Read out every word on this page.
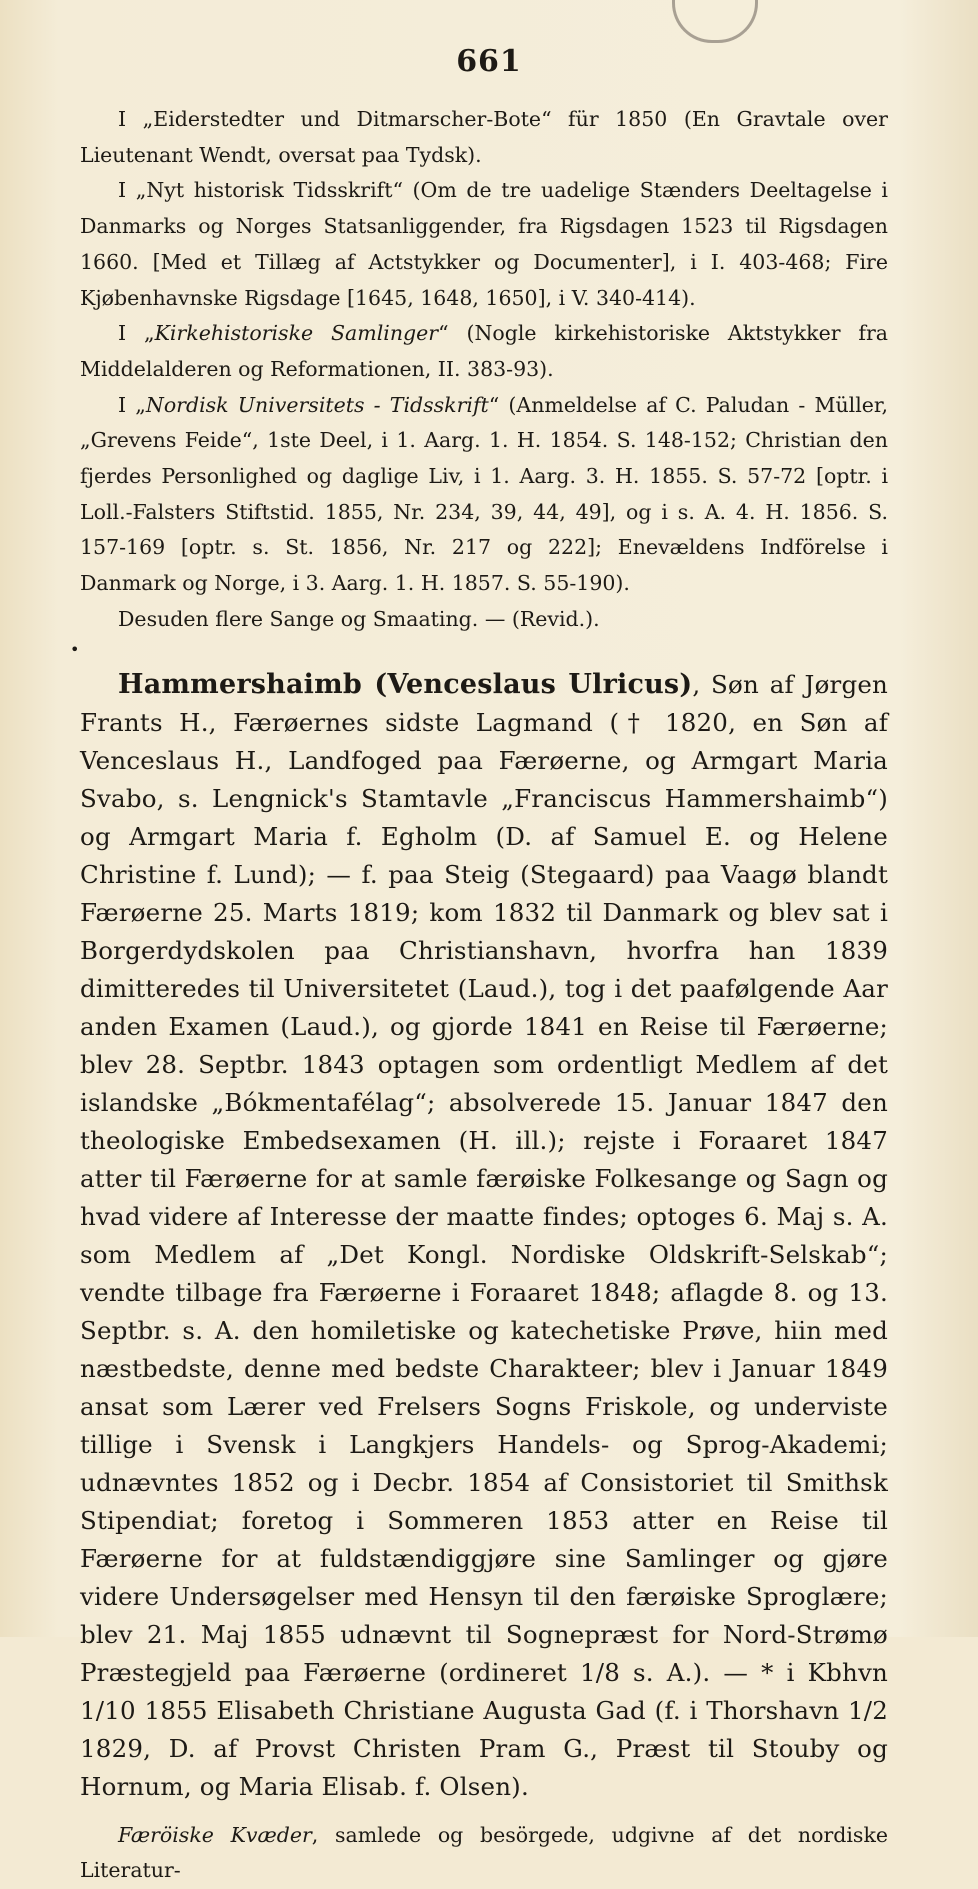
661

I „Eiderstedter und Ditmarscher-Bote“ für 1850 (En Gravtale over Lieutenant Wendt, oversat paa Tydsk).

I „Nyt historisk Tidsskrift“ (Om de tre uadelige Stænders Deeltagelse i Danmarks og Norges Statsanliggender, fra Rigsdagen 1523 til Rigsdagen 1660. [Med et Tillæg af Actstykker og Documenter], i I. 403-468; Fire Kjøbenhavnske Rigsdage [1645, 1648, 1650], i V. 340-414).

I „Kirkehistoriske Samlinger“ (Nogle kirkehistoriske Aktstykker fra Middelalderen og Reformationen, II. 383-93).

I „Nordisk Universitets - Tidsskrift“ (Anmeldelse af C. Paludan - Müller, „Grevens Feide“, 1ste Deel, i 1. Aarg. 1. H. 1854. S. 148-152; Christian den fjerdes Personlighed og daglige Liv, i 1. Aarg. 3. H. 1855. S. 57-72 [optr. i Loll.-Falsters Stiftstid. 1855, Nr. 234, 39, 44, 49], og i s. A. 4. H. 1856. S. 157-169 [optr. s. St. 1856, Nr. 217 og 222]; Enevældens Indförelse i Danmark og Norge, i 3. Aarg. 1. H. 1857. S. 55-190).

Desuden flere Sange og Smaating. — (Revid.).

•

Hammershaimb (Venceslaus Ulricus), Søn af Jørgen Frants H., Færøernes sidste Lagmand († 1820, en Søn af Venceslaus H., Landfoged paa Færøerne, og Armgart Maria Svabo, s. Lengnick's Stamtavle „Franciscus Hammershaimb“) og Armgart Maria f. Egholm (D. af Samuel E. og Helene Christine f. Lund); — f. paa Steig (Stegaard) paa Vaagø blandt Færøerne 25. Marts 1819; kom 1832 til Danmark og blev sat i Borgerdydskolen paa Christianshavn, hvorfra han 1839 dimitteredes til Universitetet (Laud.), tog i det paafølgende Aar anden Examen (Laud.), og gjorde 1841 en Reise til Færøerne; blev 28. Septbr. 1843 optagen som ordentligt Medlem af det islandske „Bókmentafélag“; absolverede 15. Januar 1847 den theologiske Embedsexamen (H. ill.); rejste i Foraaret 1847 atter til Færøerne for at samle færøiske Folkesange og Sagn og hvad videre af Interesse der maatte findes; optoges 6. Maj s. A. som Medlem af „Det Kongl. Nordiske Oldskrift-Selskab“; vendte tilbage fra Færøerne i Foraaret 1848; aflagde 8. og 13. Septbr. s. A. den homiletiske og katechetiske Prøve, hiin med næstbedste, denne med bedste Charakteer; blev i Januar 1849 ansat som Lærer ved Frelsers Sogns Friskole, og underviste tillige i Svensk i Langkjers Handels- og Sprog-Akademi; udnævntes 1852 og i Decbr. 1854 af Consistoriet til Smithsk Stipendiat; foretog i Sommeren 1853 atter en Reise til Færøerne for at fuldstændiggjøre sine Samlinger og gjøre videre Undersøgelser med Hensyn til den færøiske Sproglære; blev 21. Maj 1855 udnævnt til Sognepræst for Nord-Strømø Præstegjeld paa Færøerne (ordineret 1/8 s. A.). — * i Kbhvn 1/10 1855 Elisabeth Christiane Augusta Gad (f. i Thorshavn 1/2 1829, D. af Provst Christen Pram G., Præst til Stouby og Hornum, og Maria Elisab. f. Olsen).

Færöiske Kvæder, samlede og besörgede, udgivne af det nordiske Literatur-
